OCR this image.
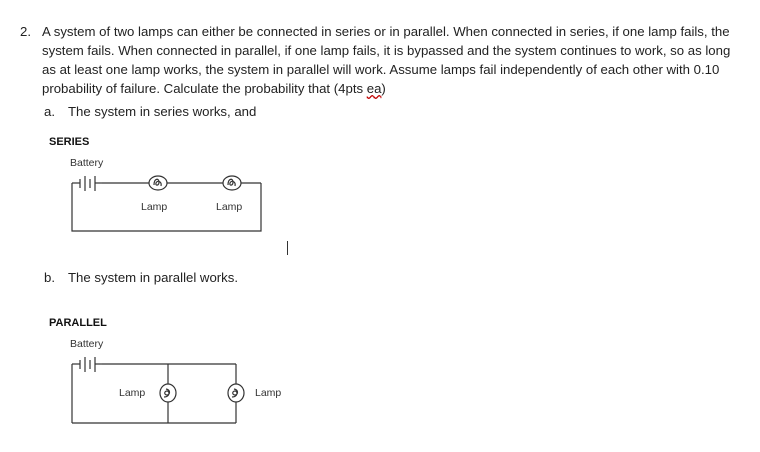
2. A system of two lamps can either be connected in series or in parallel. When connected in series, if one lamp fails, the system fails. When connected in parallel, if one lamp fails, it is bypassed and the system continues to work, so as long as at least one lamp works, the system in parallel will work. Assume lamps fail independently of each other with 0.10 probability of failure. Calculate the probability that (4pts ea)
a. The system in series works, and
SERIES
Battery
Lamp	Lamp
b. The system in parallel works.
PARALLEL
Battery
Lamp	Lamp
